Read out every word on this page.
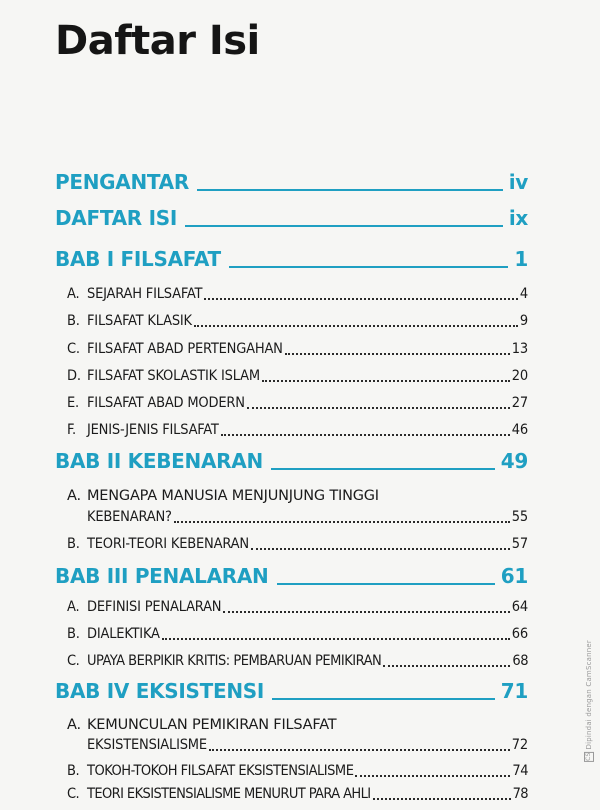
Daftar Isi
PENGANTAR	iv
DAFTAR ISI	ix
BAB I FILSAFAT	1
A. SEJARAH FILSAFAT	4
B. FILSAFAT KLASIK	9
C. FILSAFAT ABAD PERTENGAHAN	13
D. FILSAFAT SKOLASTIK ISLAM	20
E. FILSAFAT ABAD MODERN	27
F. JENIS-JENIS FILSAFAT	46
BAB II KEBENARAN	49
A. MENGAPA MANUSIA MENJUNJUNG TINGGI
KEBENARAN?	55
B. TEORI-TEORI KEBENARAN	57
BAB III PENALARAN	61
A. DEFINISI PENALARAN	64
B. DIALEKTIKA	66
C. UPAYA BERPIKIR KRITIS: PEMBARUAN PEMIKIRAN	68
BAB IV EKSISTENSI	71
A. KEMUNCULAN PEMIKIRAN FILSAFAT
EKSISTENSIALISME	72
B. TOKOH-TOKOH FILSAFAT EKSISTENSIALISME	74
C. TEORI EKSISTENSIALISME MENURUT PARA AHLI	78
CS Dipindai dengan CamScanner
